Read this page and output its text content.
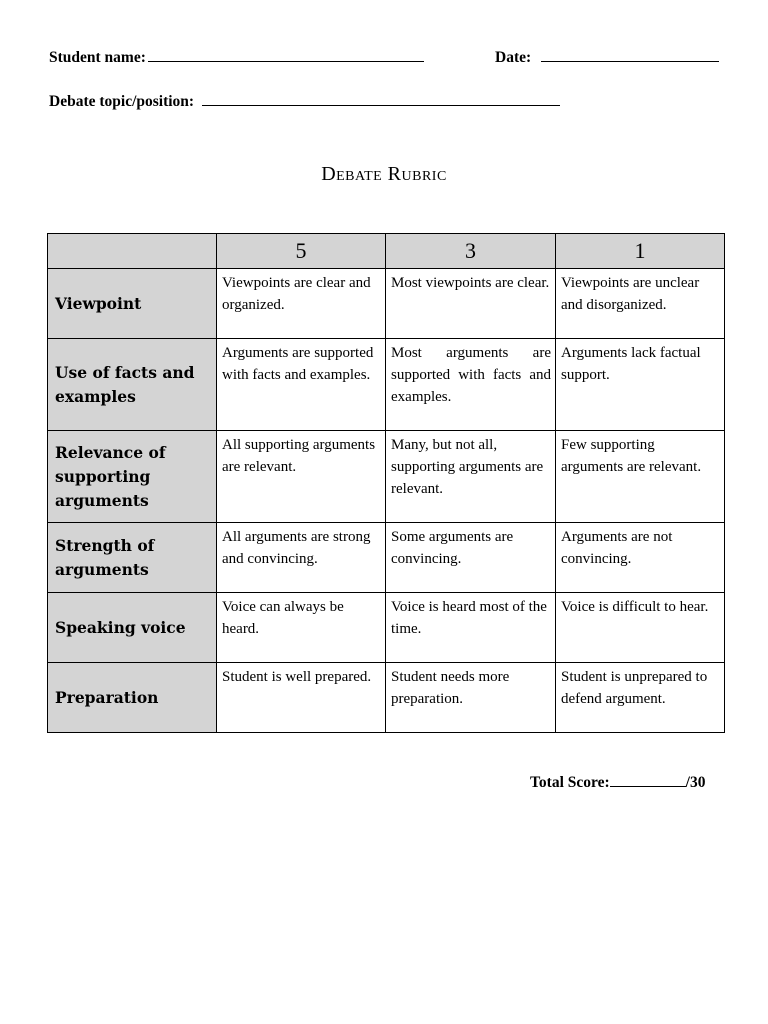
Student name:	Date:
Debate topic/position:
Debate Rubric
	5	3	1
Viewpoint	Viewpoints are clear and organized.	Most viewpoints are clear.	Viewpoints are unclear and disorganized.
Use of facts and examples	Arguments are supported with facts and examples.	Most arguments are supported with facts and examples.	Arguments lack factual support.
Relevance of supporting arguments	All supporting arguments are relevant.	Many, but not all, supporting arguments are relevant.	Few supporting arguments are relevant.
Strength of arguments	All arguments are strong and convincing.	Some arguments are convincing.	Arguments are not convincing.
Speaking voice	Voice can always be heard.	Voice is heard most of the time.	Voice is difficult to hear.
Preparation	Student is well prepared.	Student needs more preparation.	Student is unprepared to defend argument.
Total Score:	/30
